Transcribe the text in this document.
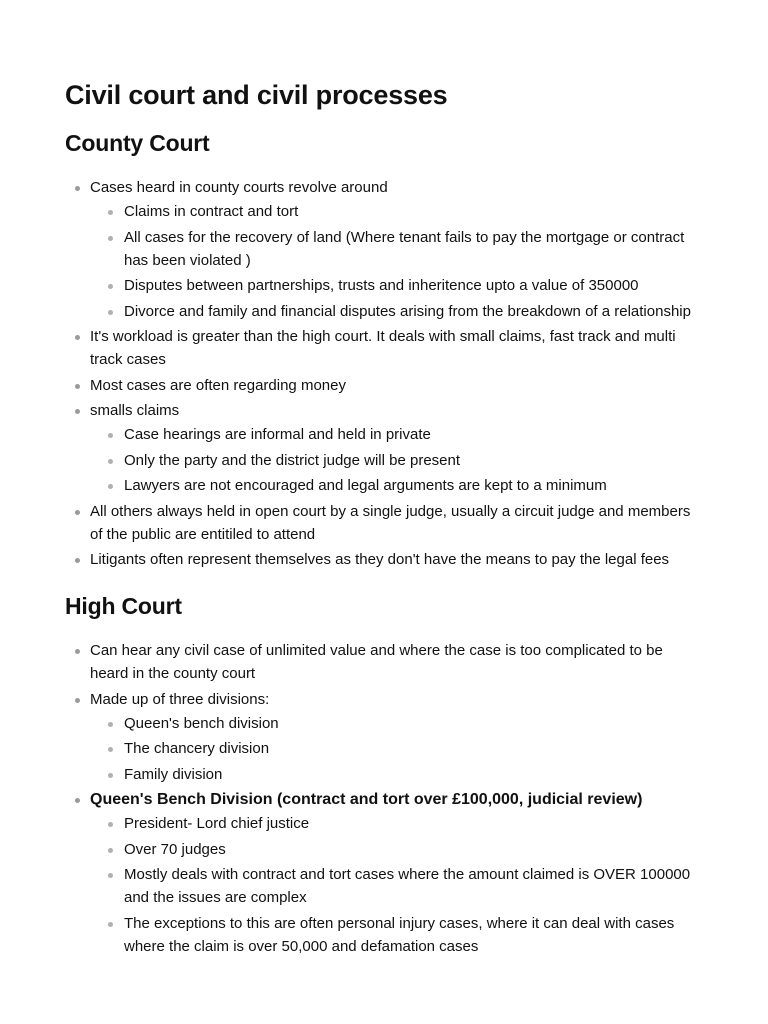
Civil court and civil processes
County Court
Cases heard in county courts revolve around
Claims in contract and tort
All cases for the recovery of land (Where tenant fails to pay the mortgage or contract has been violated )
Disputes between partnerships, trusts and inheritence upto a value of 350000
Divorce and family and financial disputes arising from the breakdown of a relationship
It's workload is greater than the high court. It deals with small claims, fast track and multi track cases
Most cases are often regarding money
smalls claims
Case hearings are informal and held in private
Only the party and the district judge will be present
Lawyers are not encouraged and legal arguments are kept to a minimum
All others always held in open court by a single judge, usually a circuit judge and members of the public are entitiled to attend
Litigants often represent themselves as they don't have the means to pay the legal fees
High Court
Can hear any civil case of unlimited value and where the case is too complicated to be heard in the county court
Made up of three divisions:
Queen's bench division
The chancery division
Family division
Queen's Bench Division (contract and tort over £100,000, judicial review)
President- Lord chief justice
Over 70 judges
Mostly deals with contract and tort cases where the amount claimed is OVER 100000 and the issues are complex
The exceptions to this are often personal injury cases, where it can deal with cases where the claim is over 50,000 and defamation cases
